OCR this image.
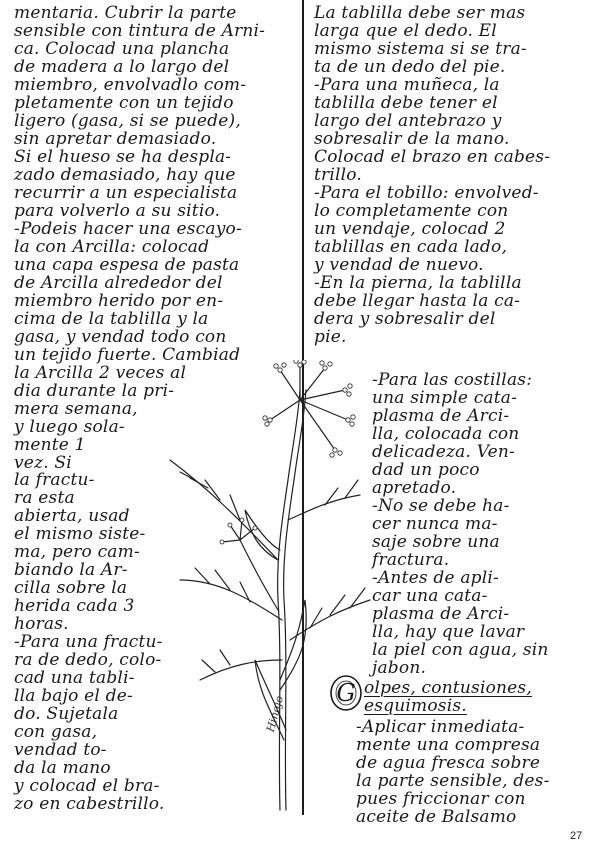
mentaria. Cubrir la parte
sensible con tintura de Arni-
ca. Colocad una plancha
de madera a lo largo del
miembro, envolvadlo com-
pletamente con un tejido
ligero (gasa, si se puede),
sin apretar demasiado.
Si el hueso se ha despla-
zado demasiado, hay que
recurrir a un especialista
para volverlo a su sitio.
-Podeis hacer una escayo-
la con Arcilla: colocad
una capa espesa de pasta
de Arcilla alrededor del
miembro herido por en-
cima de la tablilla y la
gasa, y vendad todo con
un tejido fuerte. Cambiad
la Arcilla 2 veces al
dia durante la pri-
mera semana,
y luego sola-
mente 1
vez. Si
la fractu-
ra esta
abierta, usad
el mismo siste-
ma, pero cam-
biando la Ar-
cilla sobre la
herida cada 3
horas.
-Para una fractu-
ra de dedo, colo-
cad una tabli-
lla bajo el de-
do. Sujetala
con gasa,
vendad to-
da la mano
y colocad el bra-
zo en cabestrillo.
La tablilla debe ser mas
larga que el dedo. El
mismo sistema si se tra-
ta de un dedo del pie.
-Para una muñeca, la
tablilla debe tener el
largo del antebrazo y
sobresalir de la mano.
Colocad el brazo en cabes-
trillo.
-Para el tobillo: envolved-
lo completamente con
un vendaje, colocad 2
tablillas en cada lado,
y vendad de nuevo.
-En la pierna, la tablilla
debe llegar hasta la ca-
dera y sobresalir del
pie.
-Para las costillas:
una simple cata-
plasma de Arci-
lla, colocada con
delicadeza. Ven-
dad un poco
apretado.
-No se debe ha-
cer nunca ma-
saje sobre una
fractura.
-Antes de apli-
car una cata-
plasma de Arci-
lla, hay que lavar
la piel con agua, sin
jabon.
G olpes, contusiones,
esquimosis.
-Aplicar inmediata-
mente una compresa
de agua fresca sobre
la parte sensible, des-
pues friccionar con
aceite de Balsamo
Hinojo
27
